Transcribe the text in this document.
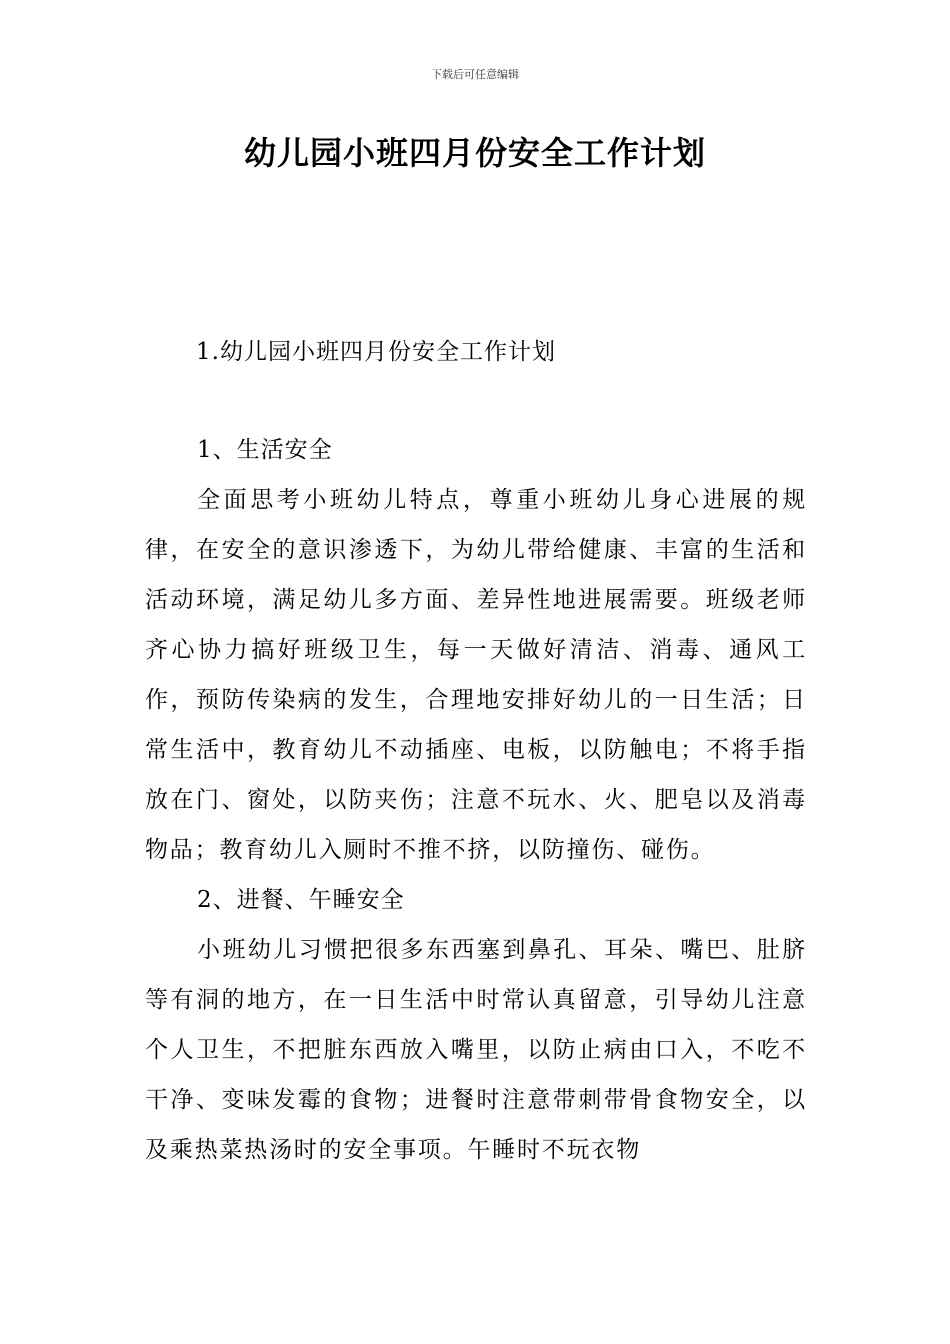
下载后可任意编辑
幼儿园小班四月份安全工作计划
1.幼儿园小班四月份安全工作计划

1、生活安全

全面思考小班幼儿特点，尊重小班幼儿身心进展的规律，在安全的意识渗透下，为幼儿带给健康、丰富的生活和活动环境，满足幼儿多方面、差异性地进展需要。班级老师齐心协力搞好班级卫生，每一天做好清洁、消毒、通风工作，预防传染病的发生，合理地安排好幼儿的一日生活；日常生活中，教育幼儿不动插座、电板，以防触电；不将手指放在门、窗处，以防夹伤；注意不玩水、火、肥皂以及消毒物品；教育幼儿入厕时不推不挤，以防撞伤、碰伤。

2、进餐、午睡安全

小班幼儿习惯把很多东西塞到鼻孔、耳朵、嘴巴、肚脐等有洞的地方，在一日生活中时常认真留意，引导幼儿注意个人卫生，不把脏东西放入嘴里，以防止病由口入，不吃不干净、变味发霉的食物；进餐时注意带刺带骨食物安全，以及乘热菜热汤时的安全事项。午睡时不玩衣物
